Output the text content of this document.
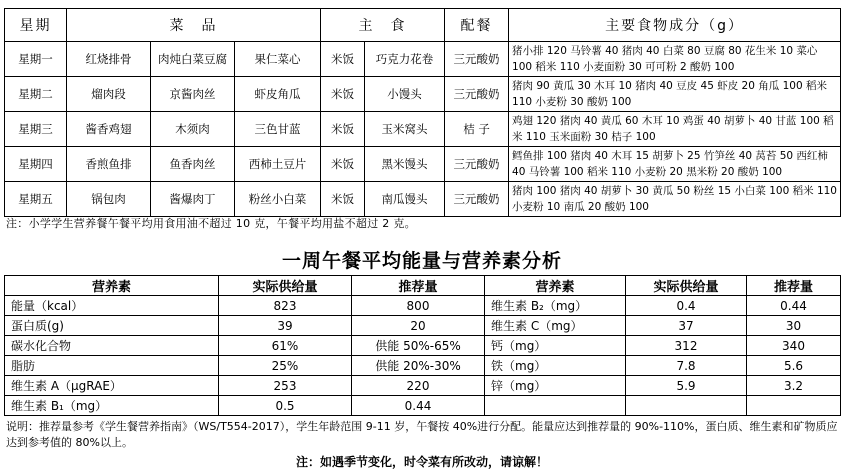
星期	菜　品			主　食		配餐	主要食物成分（g）
星期一	红烧排骨	肉炖白菜豆腐	果仁菜心	米饭	巧克力花卷	三元酸奶	猪小排 120 马铃薯 40 猪肉 40 白菜 80 豆腐 80 花生米 10 菜心 100 稻米 110 小麦面粉 30 可可粉 2 酸奶 100
星期二	熘肉段	京酱肉丝	虾皮角瓜	米饭	小馒头	三元酸奶	猪肉 90 黄瓜 30 木耳 10 猪肉 40 豆皮 45 虾皮 20 角瓜 100 稻米 110 小麦粉 30 酸奶 100
星期三	酱香鸡翅	木须肉	三色甘蓝	米饭	玉米窝头	桔 子	鸡翅 120 猪肉 40 黄瓜 60 木耳 10 鸡蛋 40 胡萝卜 40 甘蓝 100 稻米 110 玉米面粉 30 桔子 100
星期四	香煎鱼排	鱼香肉丝	西柿土豆片	米饭	黑米馒头	三元酸奶	鳕鱼排 100 猪肉 40 木耳 15 胡萝卜 25 竹笋丝 40 莴苔 50 西红柿 40 马铃薯 100 稻米 110 小麦粉 20 黑米粉 20 酸奶 100
星期五	锅包肉	酱爆肉丁	粉丝小白菜	米饭	南瓜馒头	三元酸奶	猪肉 100 猪肉 40 胡萝卜 30 黄瓜 50 粉丝 15 小白菜 100 稻米 110 小麦粉 10 南瓜 20 酸奶 100
注：小学学生营养餐午餐平均用食用油不超过 10 克，午餐平均用盐不超过 2 克。
一周午餐平均能量与营养素分析
营养素	实际供给量	推荐量	营养素	实际供给量	推荐量
能量（kcal）	823	800	维生素 B₂（mg）	0.4	0.44
蛋白质(g)	39	20	维生素 C（mg）	37	30
碳水化合物	61%	供能 50%-65%	钙（mg）	312	340
脂肪	25%	供能 20%-30%	铁（mg）	7.8	5.6
维生素 A（μgRAE）	253	220	锌（mg）	5.9	3.2
维生素 B₁（mg）	0.5	0.44			
说明：推荐量参考《学生餐营养指南》（WS/T554-2017），学生年龄范围 9-11 岁，午餐按 40%进行分配。能量应达到推荐量的 90%-110%，蛋白质、维生素和矿物质应达到参考值的 80%以上。
注：如遇季节变化，时令菜有所改动，请谅解！
